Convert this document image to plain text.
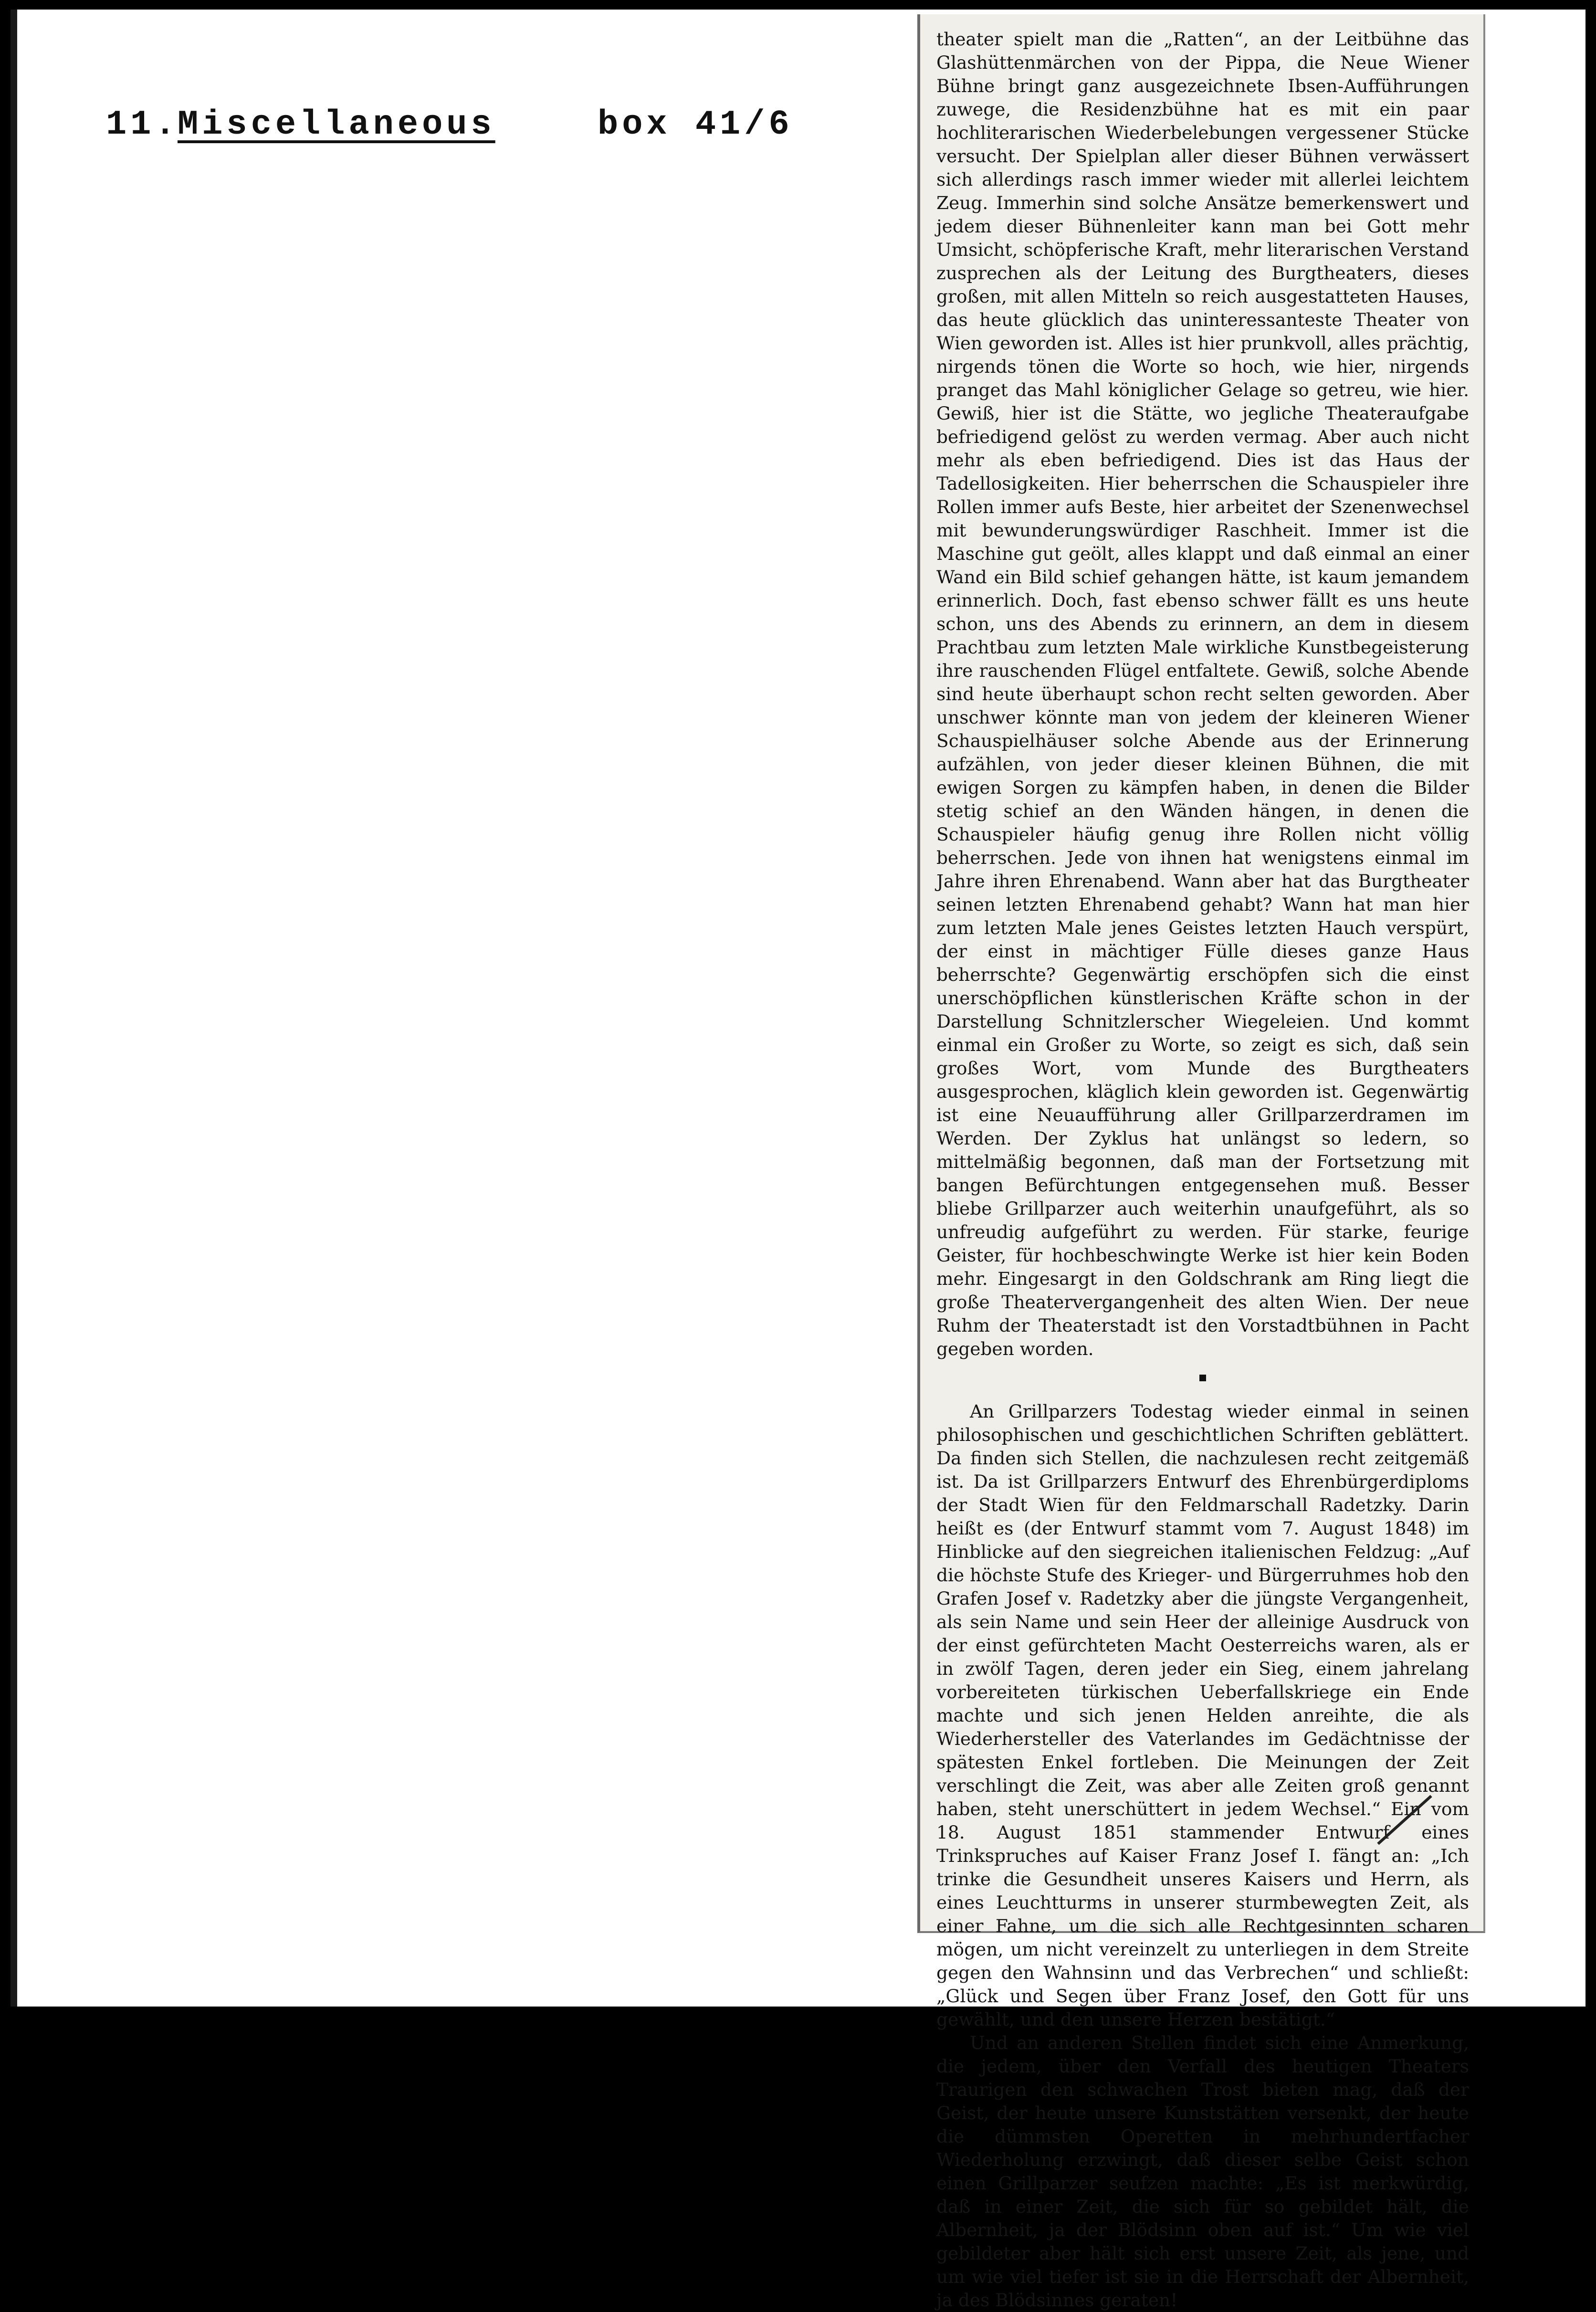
11.
Miscellaneous	box 41/6

theater spielt man die „Ratten“, an der Leitbühne das Glashüttenmärchen von der Pippa, die Neue Wiener Bühne bringt ganz ausgezeichnete Ibsen-Aufführungen zuwege, die Residenzbühne hat es mit ein paar hochliterarischen Wiederbelebungen vergessener Stücke versucht. Der Spielplan aller dieser Bühnen verwässert sich allerdings rasch immer wieder mit allerlei leichtem Zeug. Immerhin sind solche Ansätze bemerkenswert und jedem dieser Bühnenleiter kann man bei Gott mehr Umsicht, schöpferische Kraft, mehr literarischen Verstand zusprechen als der Leitung des Burgtheaters, dieses großen, mit allen Mitteln so reich ausgestatteten Hauses, das heute glücklich das uninteressanteste Theater von Wien geworden ist. Alles ist hier prunkvoll, alles prächtig, nirgends tönen die Worte so hoch, wie hier, nirgends pranget das Mahl königlicher Gelage so getreu, wie hier. Gewiß, hier ist die Stätte, wo jegliche Theateraufgabe befriedigend gelöst zu werden vermag. Aber auch nicht mehr als eben befriedigend. Dies ist das Haus der Tadellosigkeiten. Hier beherrschen die Schauspieler ihre Rollen immer aufs Beste, hier arbeitet der Szenenwechsel mit bewunderungswürdiger Raschheit. Immer ist die Maschine gut geölt, alles klappt und daß einmal an einer Wand ein Bild schief gehangen hätte, ist kaum jemandem erinnerlich. Doch, fast ebenso schwer fällt es uns heute schon, uns des Abends zu erinnern, an dem in diesem Prachtbau zum letzten Male wirkliche Kunstbegeisterung ihre rauschenden Flügel entfaltete. Gewiß, solche Abende sind heute überhaupt schon recht selten geworden. Aber unschwer könnte man von jedem der kleineren Wiener Schauspielhäuser solche Abende aus der Erinnerung aufzählen, von jeder dieser kleinen Bühnen, die mit ewigen Sorgen zu kämpfen haben, in denen die Bilder stetig schief an den Wänden hängen, in denen die Schauspieler häufig genug ihre Rollen nicht völlig beherrschen. Jede von ihnen hat wenigstens einmal im Jahre ihren Ehrenabend. Wann aber hat das Burgtheater seinen letzten Ehrenabend gehabt? Wann hat man hier zum letzten Male jenes Geistes letzten Hauch verspürt, der einst in mächtiger Fülle dieses ganze Haus beherrschte? Gegenwärtig erschöpfen sich die einst unerschöpflichen künstlerischen Kräfte schon in der Darstellung Schnitzlerscher Wiegeleien. Und kommt einmal ein Großer zu Worte, so zeigt es sich, daß sein großes Wort, vom Munde des Burgtheaters ausgesprochen, kläglich klein geworden ist. Gegenwärtig ist eine Neuaufführung aller Grillparzerdramen im Werden. Der Zyklus hat unlängst so ledern, so mittelmäßig begonnen, daß man der Fortsetzung mit bangen Befürchtungen entgegensehen muß. Besser bliebe Grillparzer auch weiterhin unaufgeführt, als so unfreudig aufgeführt zu werden. Für starke, feurige Geister, für hochbeschwingte Werke ist hier kein Boden mehr. Eingesargt in den Goldschrank am Ring liegt die große Theatervergangenheit des alten Wien. Der neue Ruhm der Theaterstadt ist den Vorstadtbühnen in Pacht gegeben worden.

An Grillparzers Todestag wieder einmal in seinen philosophischen und geschichtlichen Schriften geblättert. Da finden sich Stellen, die nachzulesen recht zeitgemäß ist. Da ist Grillparzers Entwurf des Ehrenbürgerdiploms der Stadt Wien für den Feldmarschall Radetzky. Darin heißt es (der Entwurf stammt vom 7. August 1848) im Hinblicke auf den siegreichen italienischen Feldzug: „Auf die höchste Stufe des Krieger- und Bürgerruhmes hob den Grafen Josef v. Radetzky aber die jüngste Vergangenheit, als sein Name und sein Heer der alleinige Ausdruck von der einst gefürchteten Macht Oesterreichs waren, als er in zwölf Tagen, deren jeder ein Sieg, einem jahrelang vorbereiteten türkischen Ueberfallskriege ein Ende machte und sich jenen Helden anreihte, die als Wiederhersteller des Vaterlandes im Gedächtnisse der spätesten Enkel fortleben. Die Meinungen der Zeit verschlingt die Zeit, was aber alle Zeiten groß genannt haben, steht unerschüttert in jedem Wechsel.“ Ein vom 18. August 1851 stammender Entwurf eines Trinkspruches auf Kaiser Franz Josef I. fängt an: „Ich trinke die Gesundheit unseres Kaisers und Herrn, als eines Leuchtturms in unserer sturmbewegten Zeit, als einer Fahne, um die sich alle Rechtgesinnten scharen mögen, um nicht vereinzelt zu unterliegen in dem Streite gegen den Wahnsinn und das Verbrechen“ und schließt: „Glück und Segen über Franz Josef, den Gott für uns gewählt, und den unsere Herzen bestätigt.“

Und an anderen Stellen findet sich eine Anmerkung, die jedem, über den Verfall des heutigen Theaters Traurigen den schwachen Trost bieten mag, daß der Geist, der heute unsere Kunststätten versenkt, der heute die dümmsten Operetten in mehrhundertfacher Wiederholung erzwingt, daß dieser selbe Geist schon einen Grillparzer seufzen machte: „Es ist merkwürdig, daß in einer Zeit, die sich für so gebildet hält, die Albernheit, ja der Blödsinn oben auf ist.“ Um wie viel gebildeter aber hält sich erst unsere Zeit, als jene, und um wie viel tiefer ist sie in die Herrschaft der Albernheit, ja des Blödsinnes geraten!
